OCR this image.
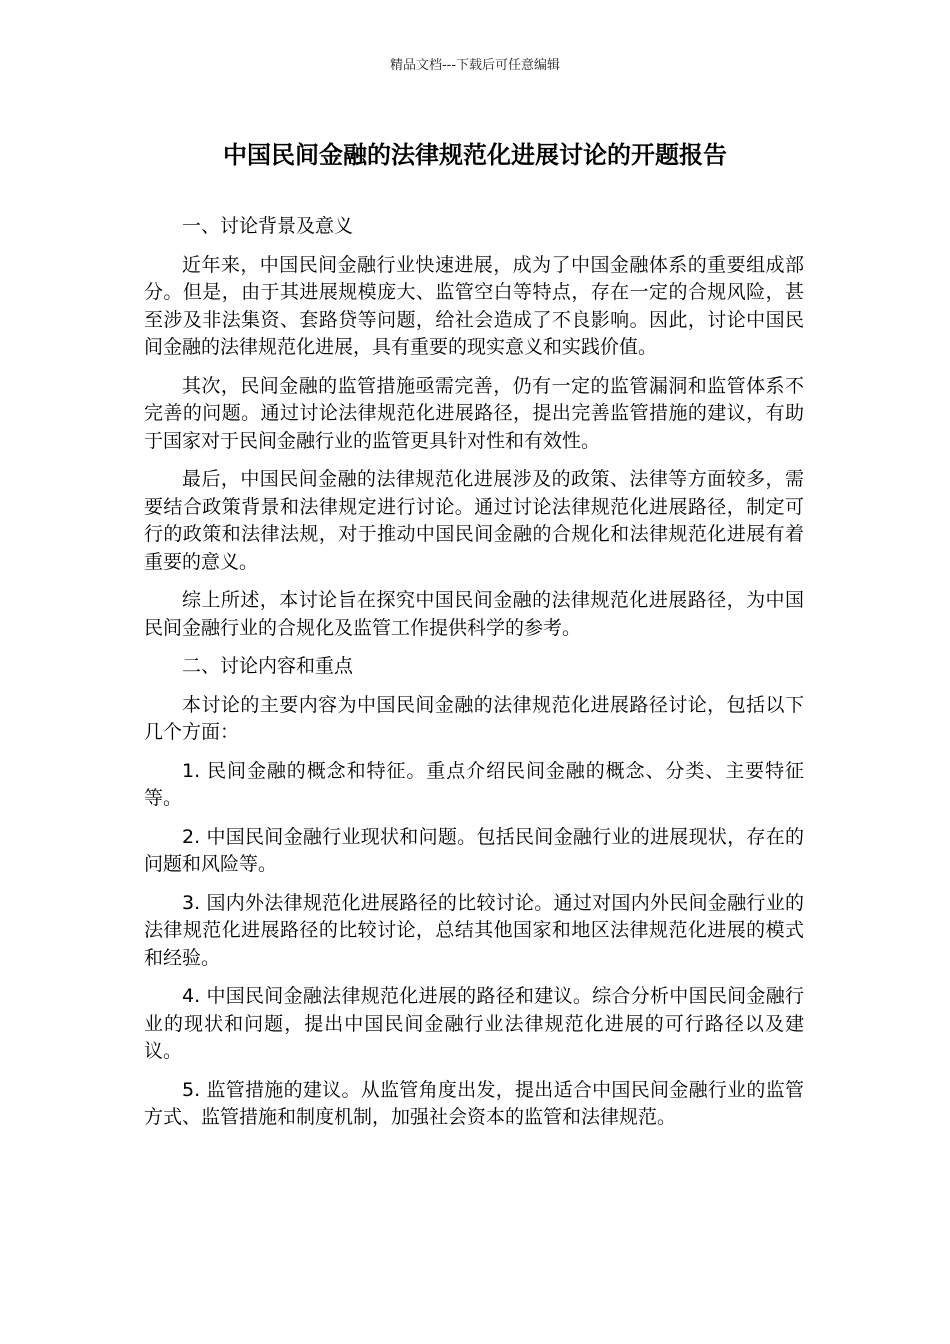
精品文档---下载后可任意编辑
中国民间金融的法律规范化进展讨论的开题报告

一、讨论背景及意义

近年来，中国民间金融行业快速进展，成为了中国金融体系的重要组成部分。但是，由于其进展规模庞大、监管空白等特点，存在一定的合规风险，甚至涉及非法集资、套路贷等问题，给社会造成了不良影响。因此，讨论中国民间金融的法律规范化进展，具有重要的现实意义和实践价值。

其次，民间金融的监管措施亟需完善，仍有一定的监管漏洞和监管体系不完善的问题。通过讨论法律规范化进展路径，提出完善监管措施的建议，有助于国家对于民间金融行业的监管更具针对性和有效性。

最后，中国民间金融的法律规范化进展涉及的政策、法律等方面较多，需要结合政策背景和法律规定进行讨论。通过讨论法律规范化进展路径，制定可行的政策和法律法规，对于推动中国民间金融的合规化和法律规范化进展有着重要的意义。

综上所述，本讨论旨在探究中国民间金融的法律规范化进展路径，为中国民间金融行业的合规化及监管工作提供科学的参考。

二、讨论内容和重点

本讨论的主要内容为中国民间金融的法律规范化进展路径讨论，包括以下几个方面：

1. 民间金融的概念和特征。重点介绍民间金融的概念、分类、主要特征等。

2. 中国民间金融行业现状和问题。包括民间金融行业的进展现状，存在的问题和风险等。

3. 国内外法律规范化进展路径的比较讨论。通过对国内外民间金融行业的法律规范化进展路径的比较讨论，总结其他国家和地区法律规范化进展的模式和经验。

4. 中国民间金融法律规范化进展的路径和建议。综合分析中国民间金融行业的现状和问题，提出中国民间金融行业法律规范化进展的可行路径以及建议。

5. 监管措施的建议。从监管角度出发，提出适合中国民间金融行业的监管方式、监管措施和制度机制，加强社会资本的监管和法律规范。
